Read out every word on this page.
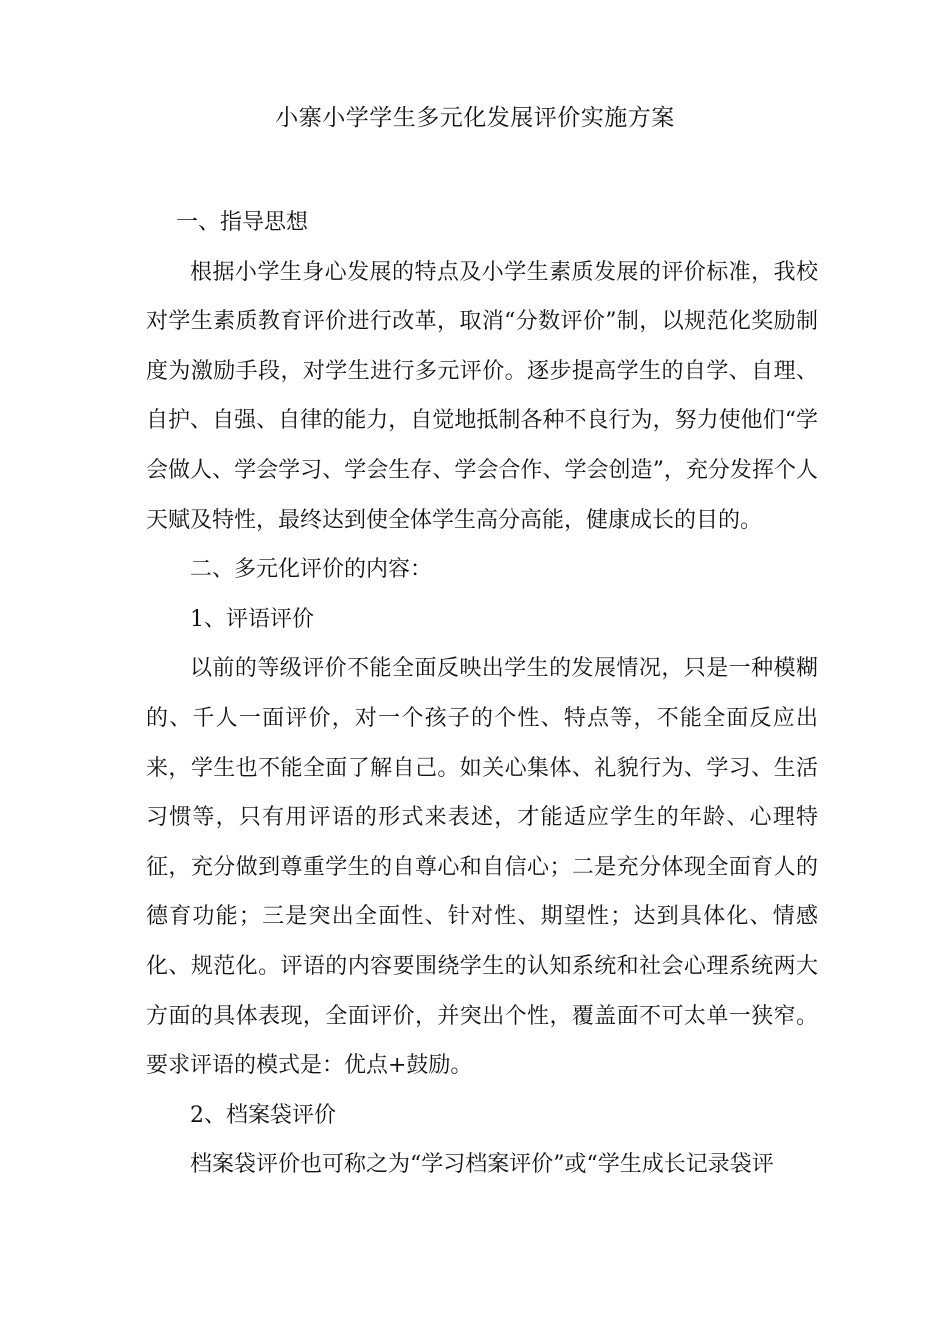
小寨小学学生多元化发展评价实施方案

一、指导思想

根据小学生身心发展的特点及小学生素质发展的评价标准，我校对学生素质教育评价进行改革，取消“分数评价”制，以规范化奖励制度为激励手段，对学生进行多元评价。逐步提高学生的自学、自理、自护、自强、自律的能力，自觉地抵制各种不良行为，努力使他们“学会做人、学会学习、学会生存、学会合作、学会创造”，充分发挥个人天赋及特性，最终达到使全体学生高分高能，健康成长的目的。

二、多元化评价的内容：

1、评语评价

以前的等级评价不能全面反映出学生的发展情况，只是一种模糊的、千人一面评价，对一个孩子的个性、特点等，不能全面反应出来，学生也不能全面了解自己。如关心集体、礼貌行为、学习、生活习惯等，只有用评语的形式来表述，才能适应学生的年龄、心理特征，充分做到尊重学生的自尊心和自信心；二是充分体现全面育人的德育功能；三是突出全面性、针对性、期望性；达到具体化、情感化、规范化。评语的内容要围绕学生的认知系统和社会心理系统两大方面的具体表现，全面评价，并突出个性，覆盖面不可太单一狭窄。要求评语的模式是：优点+鼓励。

2、档案袋评价

档案袋评价也可称之为“学习档案评价”或“学生成长记录袋评
